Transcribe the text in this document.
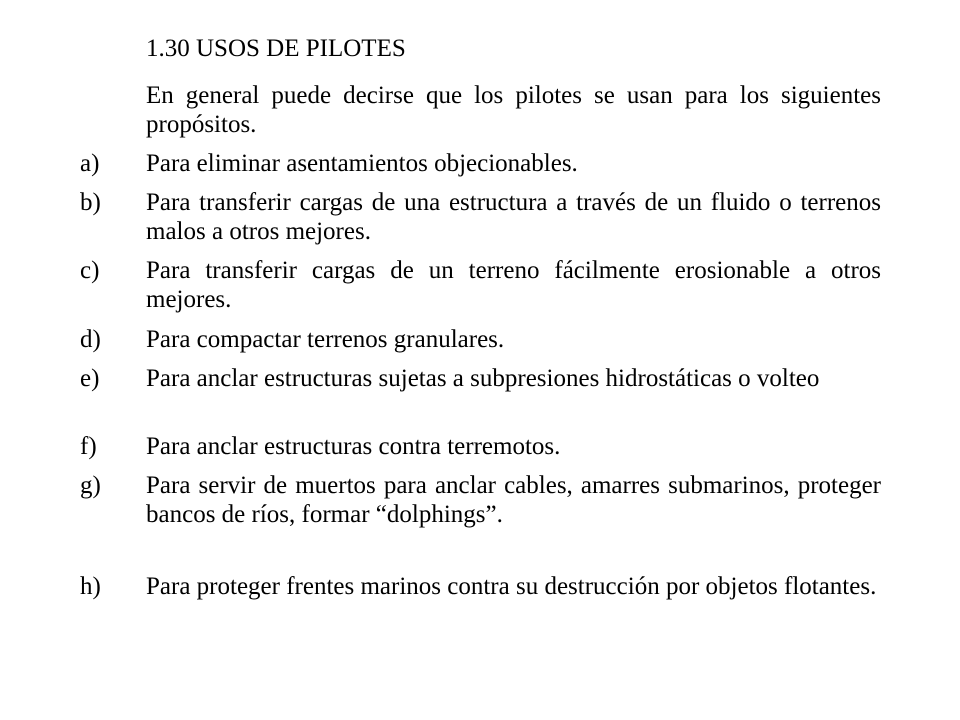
1.30 USOS DE PILOTES
En general puede decirse que los pilotes se usan para los siguientes propósitos.
a) Para eliminar asentamientos objecionables.
b) Para transferir cargas de una estructura a través de un fluido o terrenos malos a otros mejores.
c) Para transferir cargas de un terreno fácilmente erosionable a otros mejores.
d) Para compactar terrenos granulares.
e) Para anclar estructuras sujetas a subpresiones hidrostáticas o volteo
f) Para anclar estructuras contra terremotos.
g) Para servir de muertos para anclar cables, amarres submarinos, proteger bancos de ríos, formar “dolphings”.
h) Para proteger frentes marinos contra su destrucción por objetos flotantes.
